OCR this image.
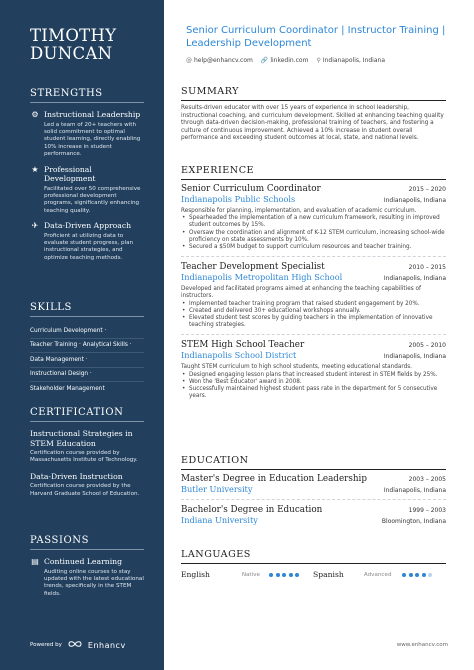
TIMOTHY
DUNCAN
STRENGTHS
⚙ Instructional Leadership
Led a team of 20+ teachers with solid commitment to optimal student learning, directly enabling 10% increase in student performance.
★ Professional Development
Facilitated over 50 comprehensive professional development programs, significantly enhancing teaching quality.
✈ Data-Driven Approach
Proficient at utilizing data to evaluate student progress, plan instructional strategies, and optimize teaching methods.
SKILLS
Curriculum Development ·
Teacher Training · Analytical Skills ·
Data Management ·
Instructional Design ·
Stakeholder Management
CERTIFICATION
Instructional Strategies in STEM Education
Certification course provided by Massachusetts Institute of Technology.
Data-Driven Instruction
Certification course provided by the Harvard Graduate School of Education.
PASSIONS
▤ Continued Learning
Auditing online courses to stay updated with the latest educational trends, specifically in the STEM fields.
Powered by	Enhancv
Senior Curriculum Coordinator | Instructor Training | Leadership Development
@ help@enhancv.com 🔗 linkedin.com ⚲ Indianapolis, Indiana
SUMMARY
Results-driven educator with over 15 years of experience in school leadership, instructional coaching, and curriculum development. Skilled at enhancing teaching quality through data-driven decision-making, professional training of teachers, and fostering a culture of continuous improvement. Achieved a 10% increase in student overall performance and exceeding student outcomes at local, state, and national levels.
EXPERIENCE
Senior Curriculum Coordinator	2015 – 2020
Indianapolis Public Schools	Indianapolis, Indiana
Responsible for planning, implementation, and evaluation of academic curriculum.
• Spearheaded the implementation of a new curriculum framework, resulting in improved student outcomes by 15%.
• Oversaw the coordination and alignment of K-12 STEM curriculum, increasing school-wide proficiency on state assessments by 10%.
• Secured a $50M budget to support curriculum resources and teacher training.
Teacher Development Specialist	2010 – 2015
Indianapolis Metropolitan High School	Indianapolis, Indiana
Developed and facilitated programs aimed at enhancing the teaching capabilities of instructors.
• Implemented teacher training program that raised student engagement by 20%.
• Created and delivered 30+ educational workshops annually.
• Elevated student test scores by guiding teachers in the implementation of innovative teaching strategies.
STEM High School Teacher	2005 – 2010
Indianapolis School District	Indianapolis, Indiana
Taught STEM curriculum to high school students, meeting educational standards.
• Designed engaging lesson plans that increased student interest in STEM fields by 25%.
• Won the 'Best Educator' award in 2008.
• Successfully maintained highest student pass rate in the department for 5 consecutive years.
EDUCATION
Master's Degree in Education Leadership	2003 – 2005
Butler University	Indianapolis, Indiana
Bachelor's Degree in Education	1999 – 2003
Indiana University	Bloomington, Indiana
LANGUAGES
English	Native	Spanish	Advanced
www.enhancv.com
